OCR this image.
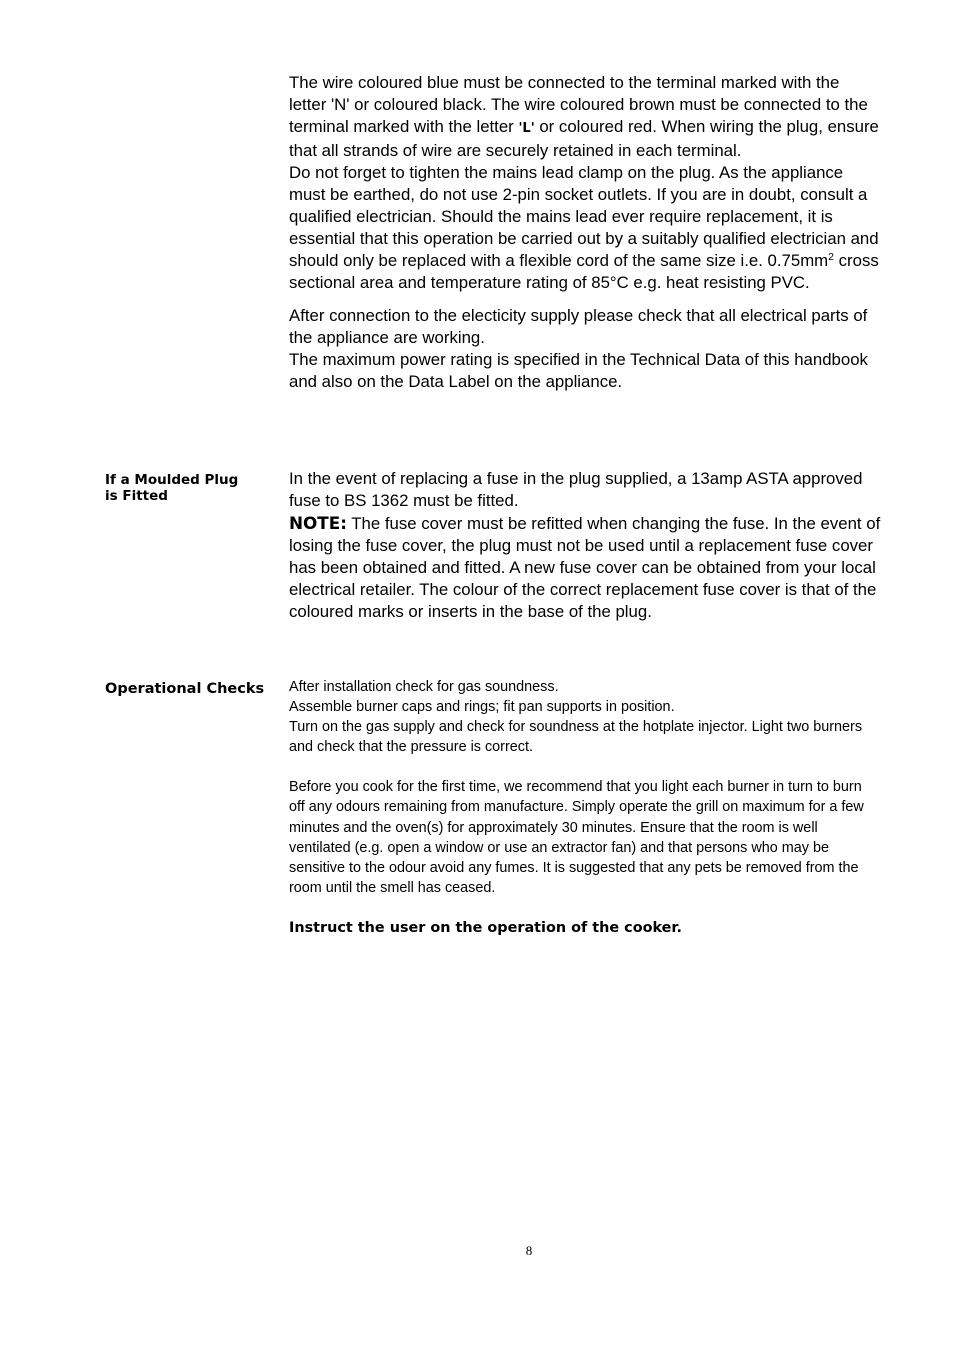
The wire coloured blue must be connected to the terminal marked with the letter 'N' or coloured black. The wire coloured brown must be connected to the terminal marked with the letter 'L' or coloured red. When wiring the plug, ensure that all strands of wire are securely retained in each terminal.

Do not forget to tighten the mains lead clamp on the plug. As the appliance must be earthed, do not use 2-pin socket outlets. If you are in doubt, consult a qualified electrician. Should the mains lead ever require replacement, it is essential that this operation be carried out by a suitably qualified electrician and should only be replaced with a flexible cord of the same size i.e. $0.75mm^2$ cross sectional area and temperature rating of 85°C e.g. heat resisting PVC.

After connection to the electicity supply please check that all electrical parts of the appliance are working.

The maximum power rating is specified in the Technical Data of this handbook and also on the Data Label on the appliance.

If a Moulded Plug
is Fitted

In the event of replacing a fuse in the plug supplied, a 13amp ASTA approved fuse to BS 1362 must be fitted.

NOTE: The fuse cover must be refitted when changing the fuse. In the event of losing the fuse cover, the plug must not be used until a replacement fuse cover has been obtained and fitted. A new fuse cover can be obtained from your local electrical retailer. The colour of the correct replacement fuse cover is that of the coloured marks or inserts in the base of the plug.

Operational Checks	After installation check for gas soundness.

Assemble burner caps and rings; fit pan supports in position.

Turn on the gas supply and check for soundness at the hotplate injector. Light two burners and check that the pressure is correct.

Before you cook for the first time, we recommend that you light each burner in turn to burn off any odours remaining from manufacture. Simply operate the grill on maximum for a few minutes and the oven(s) for approximately 30 minutes. Ensure that the room is well ventilated (e.g. open a window or use an extractor fan) and that persons who may be sensitive to the odour avoid any fumes. It is suggested that any pets be removed from the room until the smell has ceased.

Instruct the user on the operation of the cooker.

8
